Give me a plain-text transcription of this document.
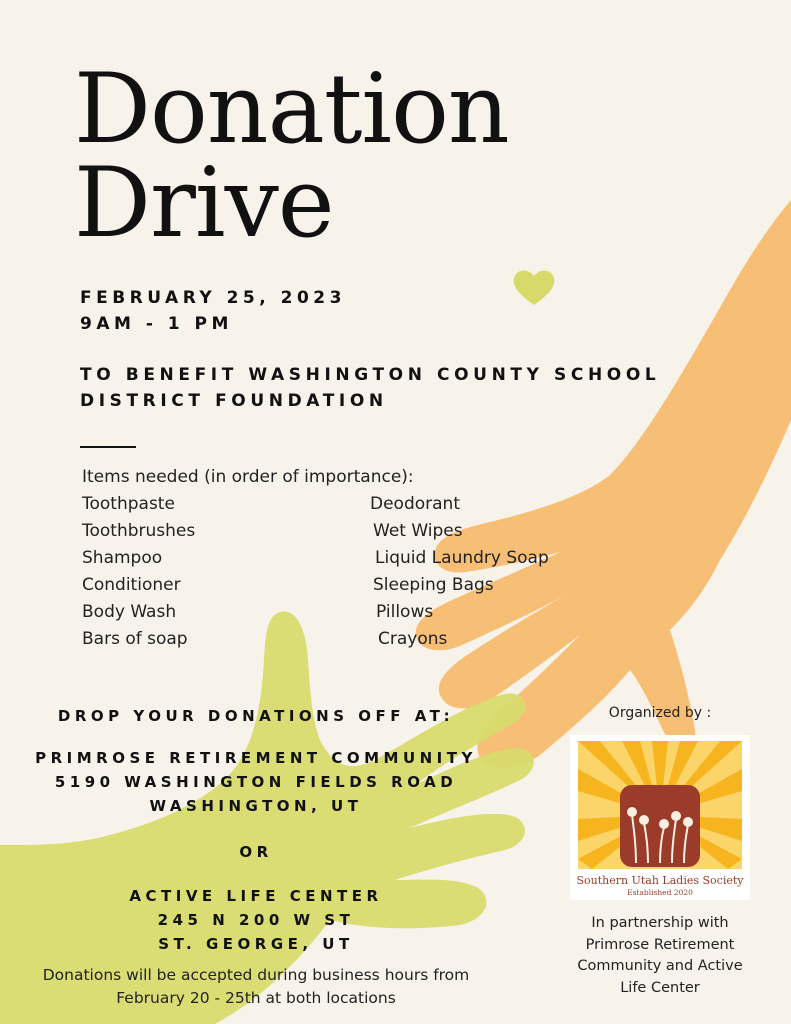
Donation
Drive
FEBRUARY 25, 2023
9AM - 1 PM
TO BENEFIT WASHINGTON COUNTY SCHOOL DISTRICT FOUNDATION
Items needed (in order of importance):
Toothpaste
Toothbrushes
Shampoo
Conditioner
Body Wash
Bars of soap
Deodorant
Wet Wipes
Liquid Laundry Soap
Sleeping Bags
Pillows
Crayons
DROP YOUR DONATIONS OFF AT:
PRIMROSE RETIREMENT COMMUNITY
5190 WASHINGTON FIELDS ROAD
WASHINGTON, UT
OR
ACTIVE LIFE CENTER
245 N 200 W ST
ST. GEORGE, UT
Donations will be accepted during business hours from
February 20 - 25th at both locations
Organized by :
Southern Utah Ladies Society
Established 2020
In partnership with
Primrose Retirement
Community and Active
Life Center
